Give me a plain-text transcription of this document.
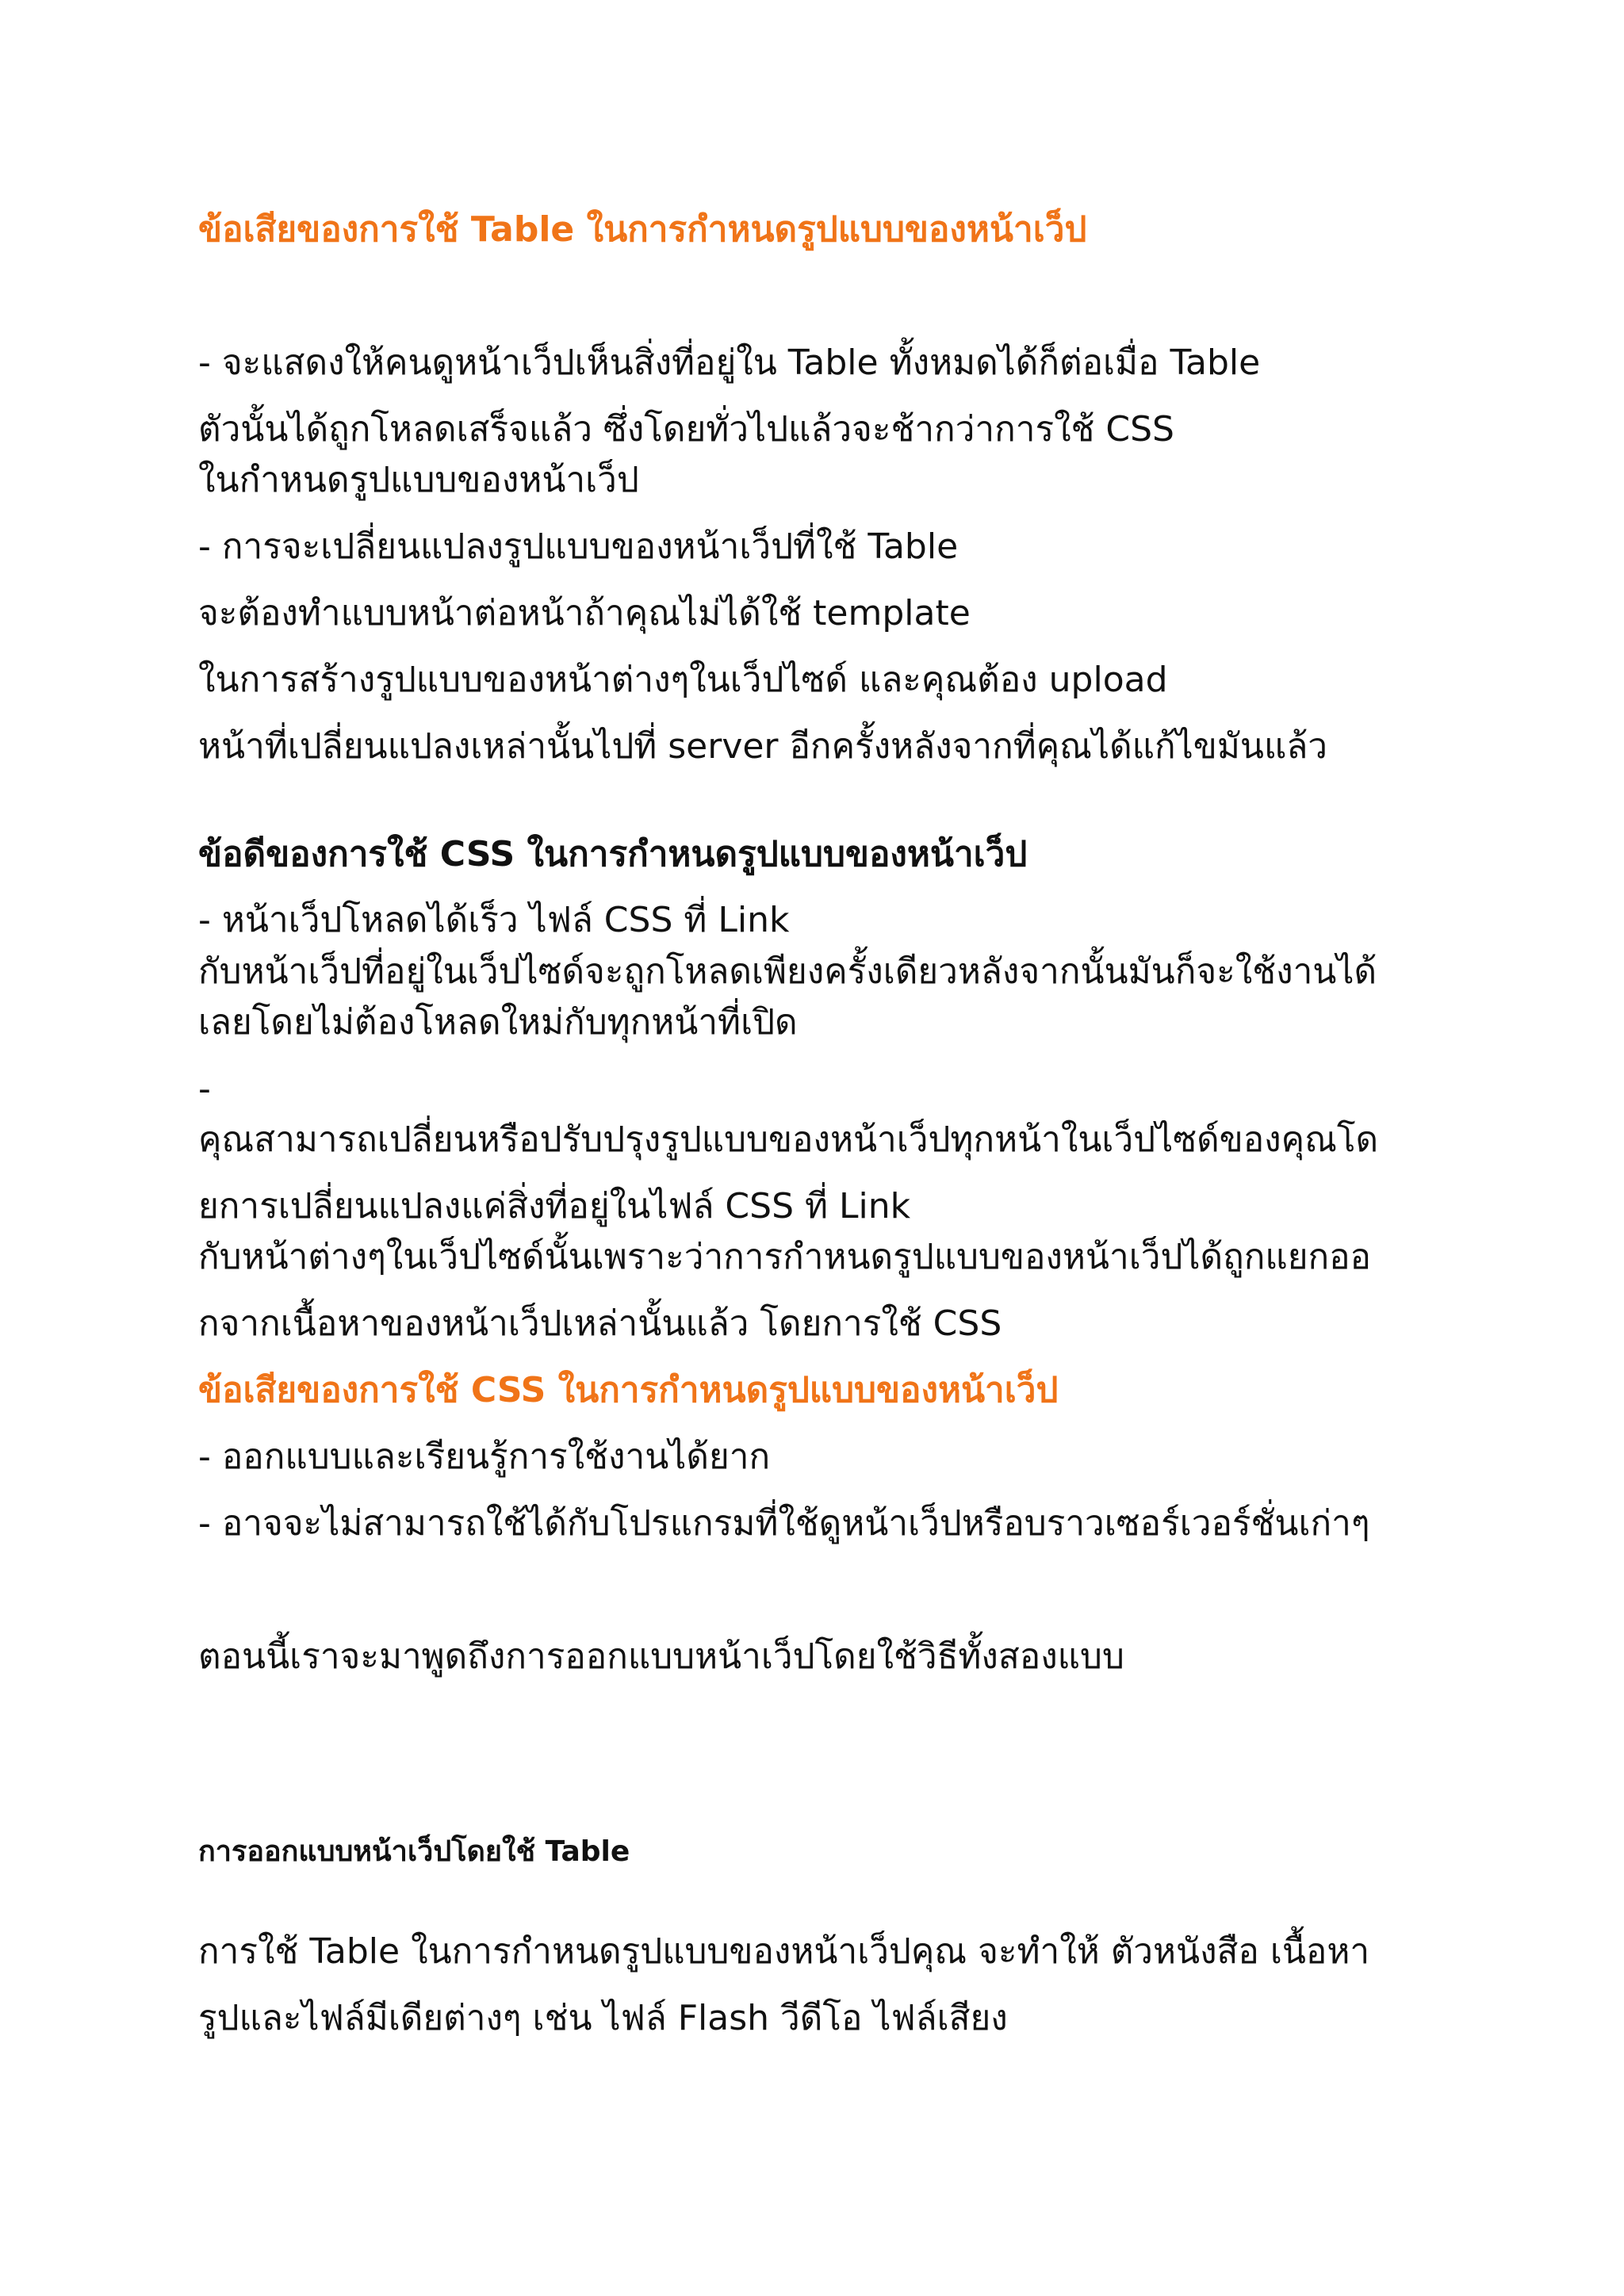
ข้อเสียของการใช้ Table ในการกำหนดรูปแบบของหน้าเว็ป

- จะแสดงให้คนดูหน้าเว็ปเห็นสิ่งที่อยู่ใน Table ทั้งหมดได้ก็ต่อเมื่อ Table

ตัวนั้นได้ถูกโหลดเสร็จแล้ว ซึ่งโดยทั่วไปแล้วจะช้ากว่าการใช้ CSS

ในกำหนดรูปแบบของหน้าเว็ป

- การจะเปลี่ยนแปลงรูปแบบของหน้าเว็ปที่ใช้ Table

จะต้องทำแบบหน้าต่อหน้าถ้าคุณไม่ได้ใช้ template

ในการสร้างรูปแบบของหน้าต่างๆในเว็ปไซด์ และคุณต้อง upload

หน้าที่เปลี่ยนแปลงเหล่านั้นไปที่ server อีกครั้งหลังจากที่คุณได้แก้ไขมันแล้ว

ข้อดีของการใช้ CSS ในการกำหนดรูปแบบของหน้าเว็ป

- หน้าเว็ปโหลดได้เร็ว ไฟล์ CSS ที่ Link

กับหน้าเว็ปที่อยู่ในเว็ปไซด์จะถูกโหลดเพียงครั้งเดียวหลังจากนั้นมันก็จะใช้งานได้

เลยโดยไม่ต้องโหลดใหม่กับทุกหน้าที่เปิด

-

คุณสามารถเปลี่ยนหรือปรับปรุงรูปแบบของหน้าเว็ปทุกหน้าในเว็ปไซด์ของคุณโด

ยการเปลี่ยนแปลงแค่สิ่งที่อยู่ในไฟล์ CSS ที่ Link

กับหน้าต่างๆในเว็ปไซด์นั้นเพราะว่าการกำหนดรูปแบบของหน้าเว็ปได้ถูกแยกออ

กจากเนื้อหาของหน้าเว็ปเหล่านั้นแล้ว โดยการใช้ CSS

ข้อเสียของการใช้ CSS ในการกำหนดรูปแบบของหน้าเว็ป

- ออกแบบและเรียนรู้การใช้งานได้ยาก

- อาจจะไม่สามารถใช้ได้กับโปรแกรมที่ใช้ดูหน้าเว็ปหรือบราวเซอร์เวอร์ชั่นเก่าๆ

ตอนนี้เราจะมาพูดถึงการออกแบบหน้าเว็ปโดยใช้วิธีทั้งสองแบบ

การออกแบบหน้าเว็ปโดยใช้ Table

การใช้ Table ในการกำหนดรูปแบบของหน้าเว็ปคุณ จะทำให้ ตัวหนังสือ เนื้อหา

รูปและไฟล์มีเดียต่างๆ เช่น ไฟล์ Flash วีดีโอ ไฟล์เสียง
